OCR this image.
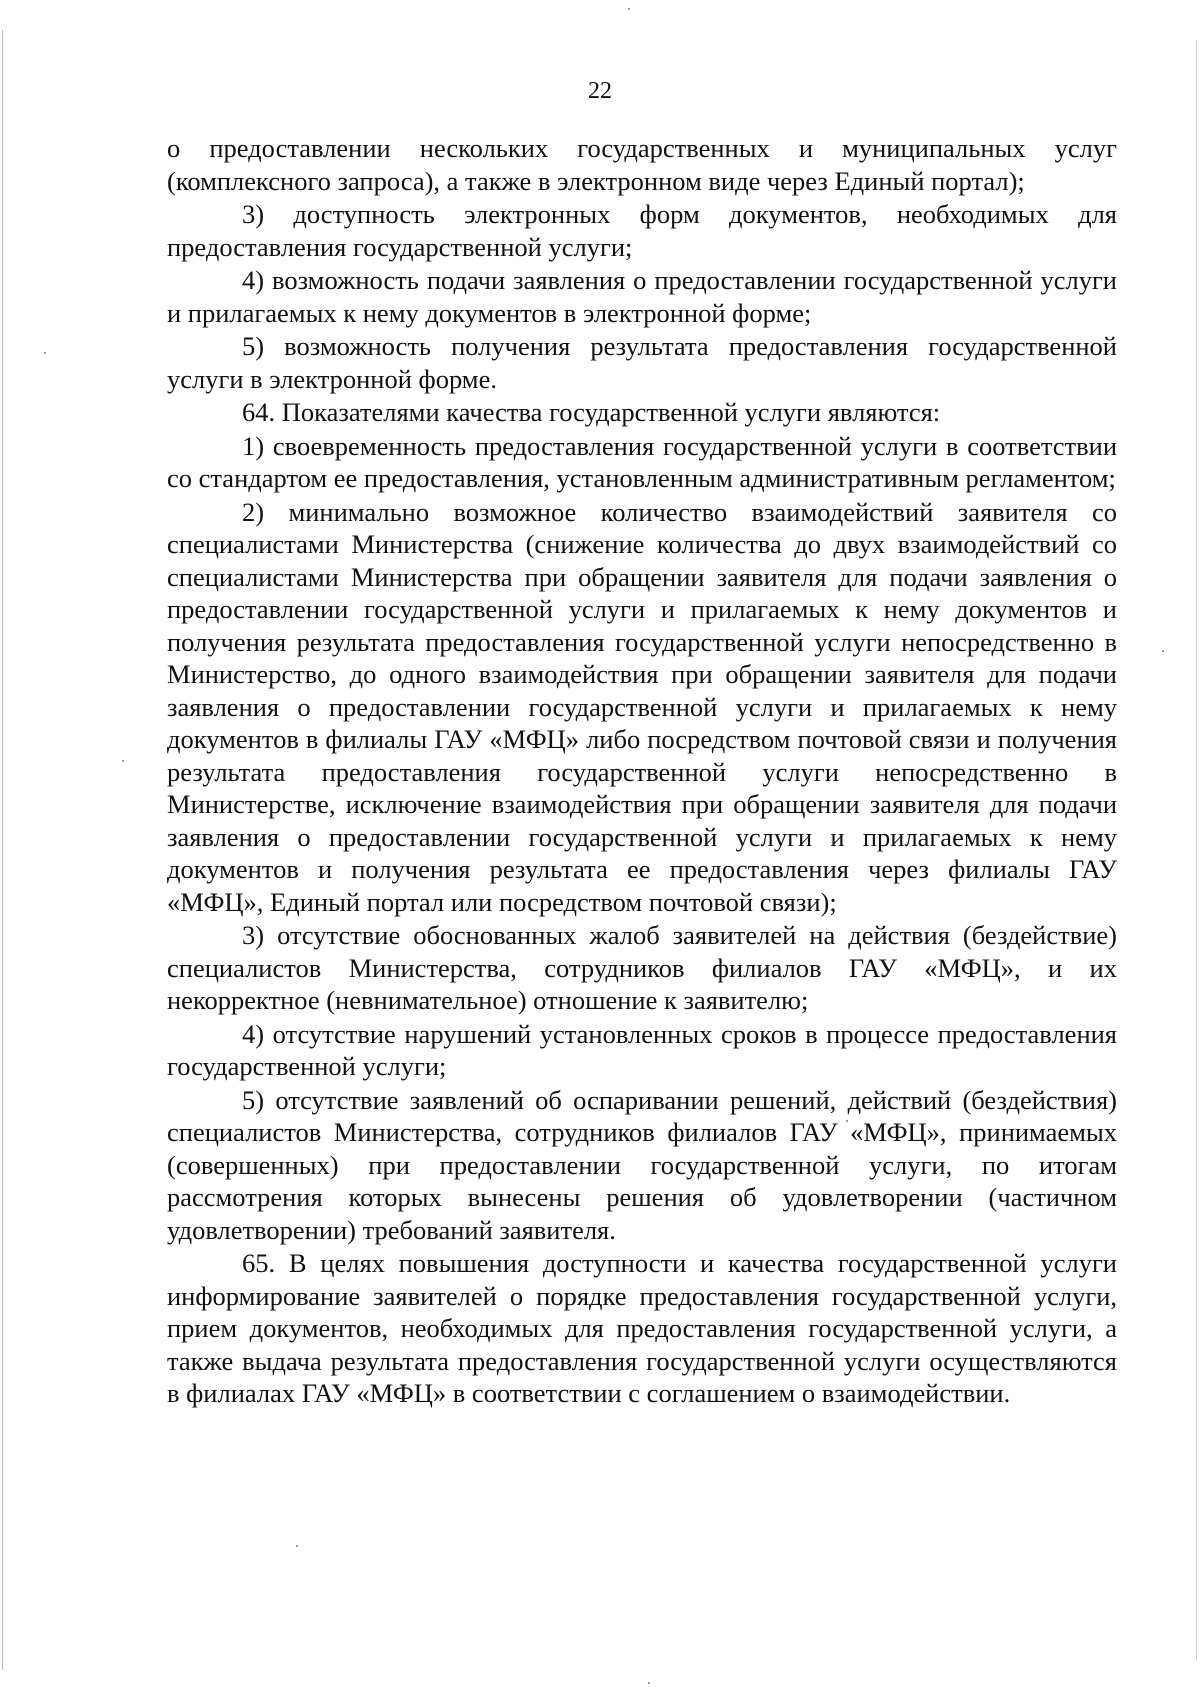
22

о предоставлении нескольких государственных и муниципальных услуг (комплексного запроса), а также в электронном виде через Единый портал);

3) доступность электронных форм документов, необходимых для предоставления государственной услуги;

4) возможность подачи заявления о предоставлении государственной услуги и прилагаемых к нему документов в электронной форме;

5) возможность получения результата предоставления государственной услуги в электронной форме.

64. Показателями качества государственной услуги являются:

1) своевременность предоставления государственной услуги в соответствии со стандартом ее предоставления, установленным административным регламентом;

2) минимально возможное количество взаимодействий заявителя со специалистами Министерства (снижение количества до двух взаимодействий со специалистами Министерства при обращении заявителя для подачи заявления о предоставлении государственной услуги и прилагаемых к нему документов и получения результата предоставления государственной услуги непосредственно в Министерство, до одного взаимодействия при обращении заявителя для подачи заявления о предоставлении государственной услуги и прилагаемых к нему документов в филиалы ГАУ «МФЦ» либо посредством почтовой связи и получения результата предоставления государственной услуги непосредственно в Министерстве, исключение взаимодействия при обращении заявителя для подачи заявления о предоставлении государственной услуги и прилагаемых к нему документов и получения результата ее предоставления через филиалы ГАУ «МФЦ», Единый портал или посредством почтовой связи);

3) отсутствие обоснованных жалоб заявителей на действия (бездействие) специалистов Министерства, сотрудников филиалов ГАУ «МФЦ», и их некорректное (невнимательное) отношение к заявителю;

4) отсутствие нарушений установленных сроков в процессе предоставления государственной услуги;

5) отсутствие заявлений об оспаривании решений, действий (бездействия) специалистов Министерства, сотрудников филиалов ГАУ «МФЦ», принимаемых (совершенных) при предоставлении государственной услуги, по итогам рассмотрения которых вынесены решения об удовлетворении (частичном удовлетворении) требований заявителя.

65. В целях повышения доступности и качества государственной услуги информирование заявителей о порядке предоставления государственной услуги, прием документов, необходимых для предоставления государственной услуги, а также выдача результата предоставления государственной услуги осуществляются в филиалах ГАУ «МФЦ» в соответствии с соглашением о взаимодействии.
